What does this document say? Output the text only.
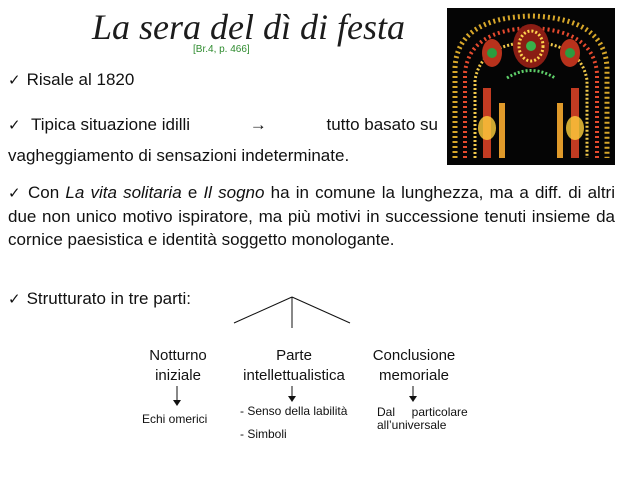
La sera del dì di festa
[Br.4, p. 466]
✓ Risale al 1820
✓ Tipica situazione idilli	→	tutto basato su
vagheggiamento di sensazioni indeterminate.
✓ Con La vita solitaria e Il sogno ha in comune la lunghezza, ma a diff. di altri due non unico motivo ispiratore, ma più motivi in successione tenuti insieme da cornice paesistica e identità soggetto monologante.
✓ Strutturato in tre parti:
Notturno
iniziale
Parte
intellettualistica
Conclusione
memoriale
Echi omerici
- Senso della labilità
- Simboli
Dal     particolare
all’universale
